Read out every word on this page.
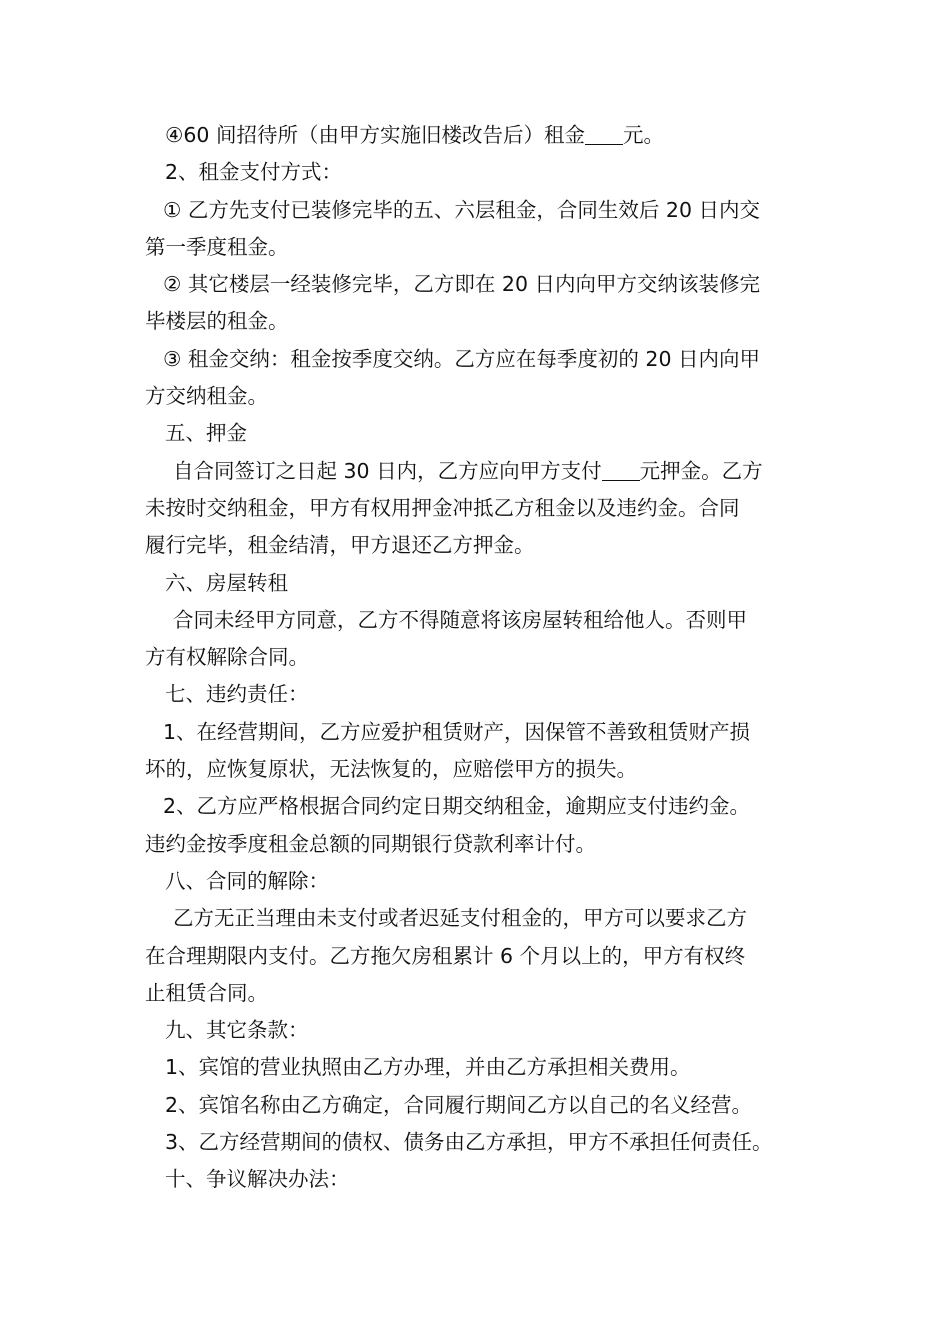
④60 间招待所（由甲方实施旧楼改告后）租金 元。

2、租金支付方式：

① 乙方先支付已装修完毕的五、六层租金，合同生效后 20 日内交

第一季度租金。

② 其它楼层一经装修完毕，乙方即在 20 日内向甲方交纳该装修完

毕楼层的租金。

③ 租金交纳：租金按季度交纳。乙方应在每季度初的 20 日内向甲

方交纳租金。

五、押金

自合同签订之日起 30 日内，乙方应向甲方支付 元押金。乙方

未按时交纳租金，甲方有权用押金冲抵乙方租金以及违约金。合同

履行完毕，租金结清，甲方退还乙方押金。

六、房屋转租

合同未经甲方同意，乙方不得随意将该房屋转租给他人。否则甲

方有权解除合同。

七、违约责任：

1、在经营期间，乙方应爱护租赁财产，因保管不善致租赁财产损

坏的，应恢复原状，无法恢复的，应赔偿甲方的损失。

2、乙方应严格根据合同约定日期交纳租金，逾期应支付违约金。

违约金按季度租金总额的同期银行贷款利率计付。

八、合同的解除：

乙方无正当理由未支付或者迟延支付租金的，甲方可以要求乙方

在合理期限内支付。乙方拖欠房租累计 6 个月以上的，甲方有权终

止租赁合同。

九、其它条款：

1、宾馆的营业执照由乙方办理，并由乙方承担相关费用。

2、宾馆名称由乙方确定，合同履行期间乙方以自己的名义经营。

3、乙方经营期间的债权、债务由乙方承担，甲方不承担任何责任。

十、争议解决办法：
